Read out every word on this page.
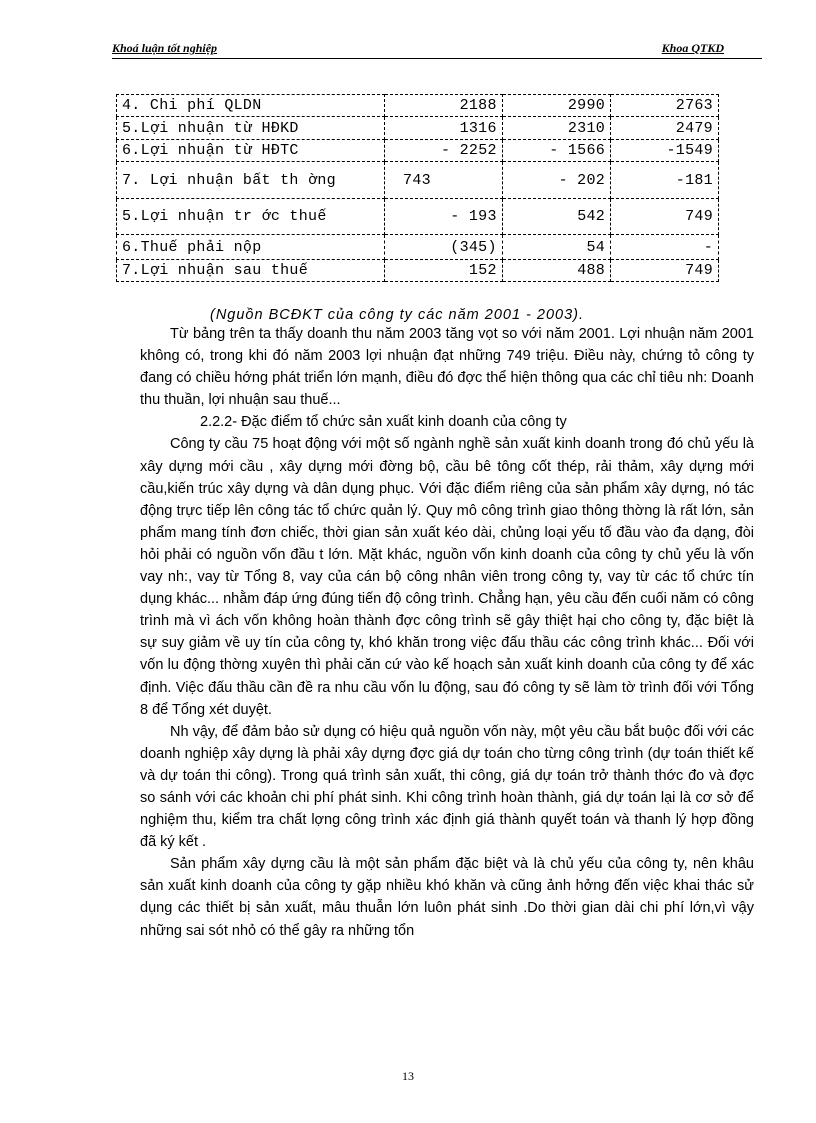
Khoá luận tốt nghiệp	Khoa QTKD
4. Chi phí QLDN	2188	2990	2763
5.Lợi nhuận từ HĐKD	1316	2310	2479
6.Lợi nhuận từ HĐTC	- 2252	- 1566	-1549
7. Lợi nhuận bất th ờng	743	- 202	-181
5.Lợi nhuận tr ớc thuế	- 193	542	749
6.Thuế phải nộp	(345)	54	-
7.Lợi nhuận sau thuế	152	488	749
(Nguồn BCĐKT của công ty các năm 2001 - 2003).

Từ bảng trên ta thấy doanh thu năm 2003 tăng vọt so với năm 2001. Lợi nhuận năm 2001 không có, trong khi đó năm 2003 lợi nhuận đạt những 749 triệu. Điều này, chứng tỏ công ty đang có chiều hớng phát triển lớn mạnh, điều đó đợc thể hiện thông qua các chỉ tiêu nh: Doanh thu thuần, lợi nhuận sau thuế...

2.2.2- Đặc điểm tổ chức sản xuất kinh doanh của công ty

Công ty cầu 75 hoạt động với một số ngành nghề sản xuất kinh doanh trong đó chủ yếu là xây dựng mới cầu , xây dựng mới đờng bộ, cầu bê tông cốt thép, rải thảm, xây dựng mới cầu,kiến trúc xây dựng và dân dụng phục. Với đặc điểm riêng của sản phẩm xây dựng, nó tác động trực tiếp lên công tác tổ chức quản lý. Quy mô công trình giao thông thờng là rất lớn, sản phẩm mang tính đơn chiếc, thời gian sản xuất kéo dài, chủng loại yếu tố đầu vào đa dạng, đòi hỏi phải có nguồn vốn đầu t lớn. Mặt khác, nguồn vốn kinh doanh của công ty chủ yếu là vốn vay nh:, vay từ Tổng 8, vay của cán bộ công nhân viên trong công ty, vay từ các tổ chức tín dụng khác... nhằm đáp ứng đúng tiến độ công trình. Chẳng hạn, yêu cầu đến cuối năm có công trình mà vì ách vốn không hoàn thành đợc công trình sẽ gây thiệt hại cho công ty, đặc biệt là sự suy giảm về uy tín của công ty, khó khăn trong việc đấu thầu các công trình khác... Đối với vốn lu động thờng xuyên thì phải căn cứ vào kế hoạch sản xuất kinh doanh của công ty để xác định. Việc đấu thầu cần đề ra nhu cầu vốn lu động, sau đó công ty sẽ làm tờ trình đối với Tổng 8 để Tổng xét duyệt.

Nh vậy, để đảm bảo sử dụng có hiệu quả nguồn vốn này, một yêu cầu bắt buộc đối với các doanh nghiệp xây dựng là phải xây dựng đợc giá dự toán cho từng công trình (dự toán thiết kế và dự toán thi công). Trong quá trình sản xuất, thi công, giá dự toán trở thành thớc đo và đợc so sánh với các khoản chi phí phát sinh. Khi công trình hoàn thành, giá dự toán lại là cơ sở để nghiệm thu, kiểm tra chất lợng công trình xác định giá thành quyết toán và thanh lý hợp đồng đã ký kết .

Sản phẩm xây dựng cầu là một sản phẩm đặc biệt và là chủ yếu của công ty, nên khâu sản xuất kinh doanh của công ty gặp nhiều khó khăn và cũng ảnh hởng đến việc khai thác sử dụng các thiết bị sản xuất, mâu thuẫn lớn luôn phát sinh .Do thời gian dài chi phí lớn,vì vậy những sai sót nhỏ có thể gây ra những tổn

13
